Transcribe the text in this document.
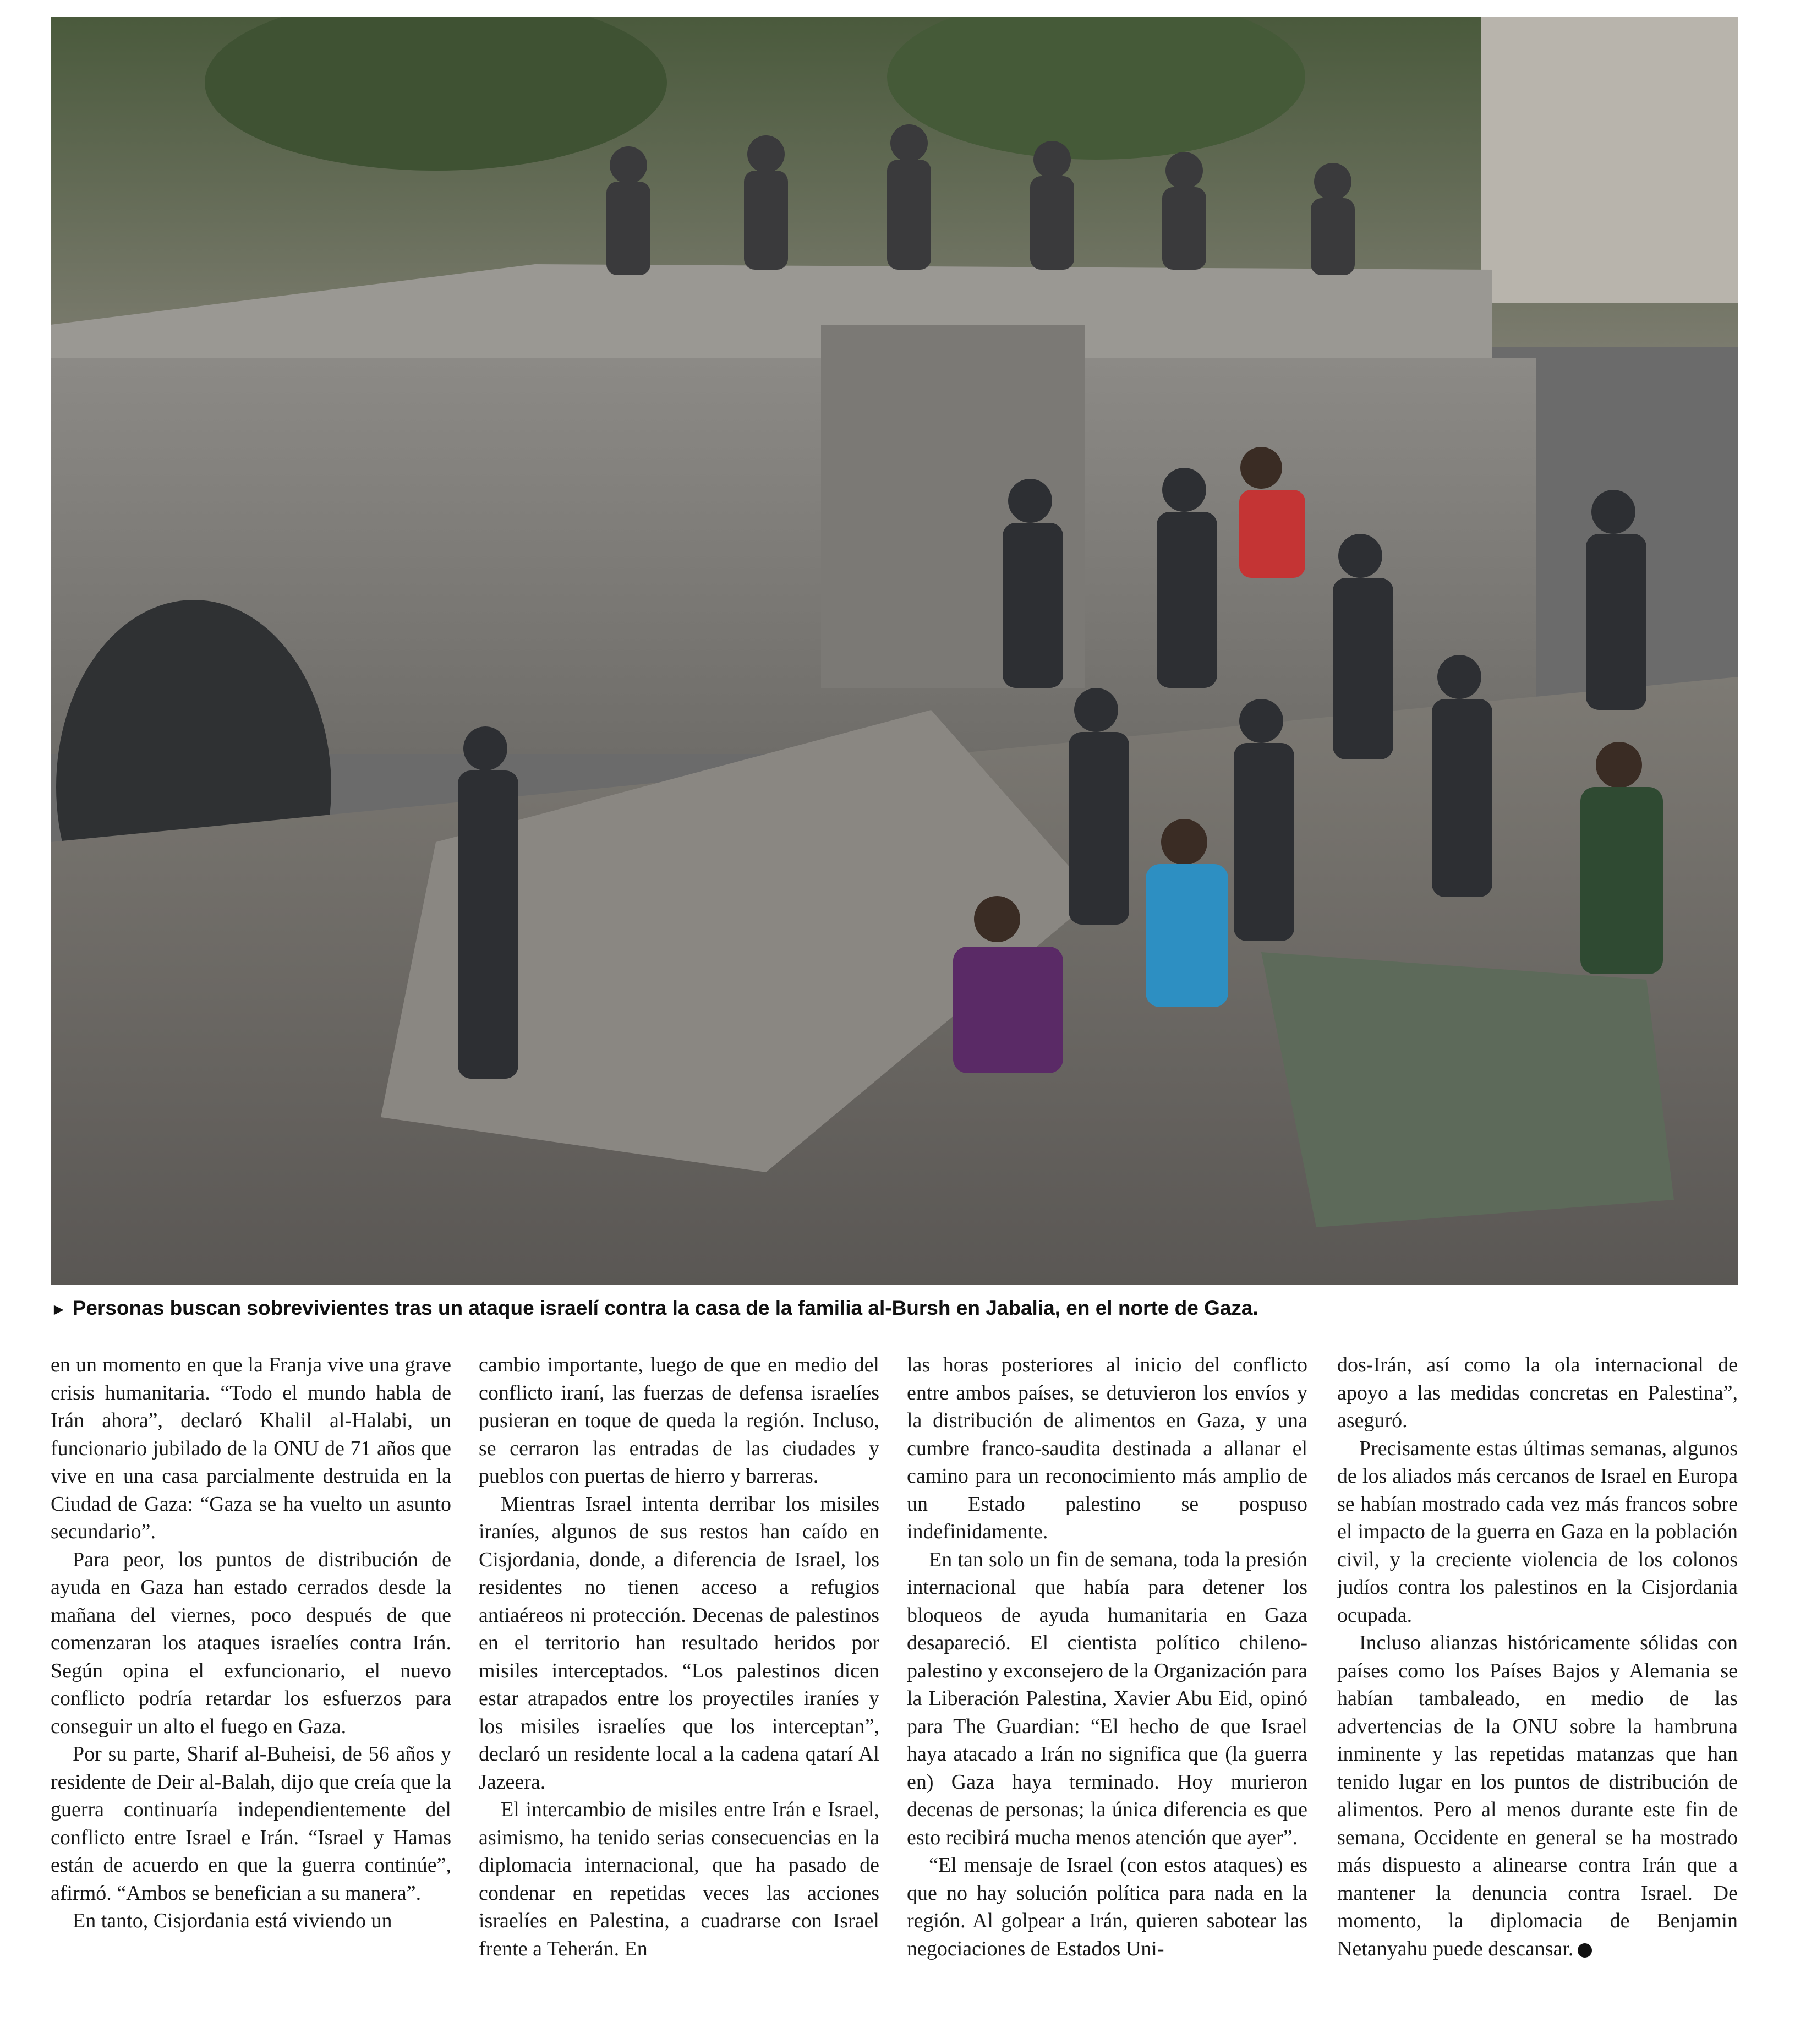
► Personas buscan sobrevivientes tras un ataque israelí contra la casa de la familia al-Bursh en Jabalia, en el norte de Gaza.

en un momento en que la Franja vive una grave crisis humanitaria. “Todo el mundo habla de Irán ahora”, declaró Khalil al-Halabi, un funcionario jubilado de la ONU de 71 años que vive en una casa parcialmente destruida en la Ciudad de Gaza: “Gaza se ha vuelto un asunto secundario”.

Para peor, los puntos de distribución de ayuda en Gaza han estado cerrados desde la mañana del viernes, poco después de que comenzaran los ataques israelíes contra Irán. Según opina el exfuncionario, el nuevo conflicto podría retardar los esfuerzos para conseguir un alto el fuego en Gaza.

Por su parte, Sharif al-Buheisi, de 56 años y residente de Deir al-Balah, dijo que creía que la guerra continuaría independientemente del conflicto entre Israel e Irán. “Israel y Hamas están de acuerdo en que la guerra continúe”, afirmó. “Ambos se benefician a su manera”.

En tanto, Cisjordania está viviendo un

cambio importante, luego de que en medio del conflicto iraní, las fuerzas de defensa israelíes pusieran en toque de queda la región. Incluso, se cerraron las entradas de las ciudades y pueblos con puertas de hierro y barreras.

Mientras Israel intenta derribar los misiles iraníes, algunos de sus restos han caído en Cisjordania, donde, a diferencia de Israel, los residentes no tienen acceso a refugios antiaéreos ni protección. Decenas de palestinos en el territorio han resultado heridos por misiles interceptados. “Los palestinos dicen estar atrapados entre los proyectiles iraníes y los misiles israelíes que los interceptan”, declaró un residente local a la cadena qatarí Al Jazeera.

El intercambio de misiles entre Irán e Israel, asimismo, ha tenido serias consecuencias en la diplomacia internacional, que ha pasado de condenar en repetidas veces las acciones israelíes en Palestina, a cuadrarse con Israel frente a Teherán. En

las horas posteriores al inicio del conflicto entre ambos países, se detuvieron los envíos y la distribución de alimentos en Gaza, y una cumbre franco-saudita destinada a allanar el camino para un reconocimiento más amplio de un Estado palestino se pospuso indefinidamente.

En tan solo un fin de semana, toda la presión internacional que había para detener los bloqueos de ayuda humanitaria en Gaza desapareció. El cientista político chileno-palestino y exconsejero de la Organización para la Liberación Palestina, Xavier Abu Eid, opinó para The Guardian: “El hecho de que Israel haya atacado a Irán no significa que (la guerra en) Gaza haya terminado. Hoy murieron decenas de personas; la única diferencia es que esto recibirá mucha menos atención que ayer”.

“El mensaje de Israel (con estos ataques) es que no hay solución política para nada en la región. Al golpear a Irán, quieren sabotear las negociaciones de Estados Uni-

dos-Irán, así como la ola internacional de apoyo a las medidas concretas en Palestina”, aseguró.

Precisamente estas últimas semanas, algunos de los aliados más cercanos de Israel en Europa se habían mostrado cada vez más francos sobre el impacto de la guerra en Gaza en la población civil, y la creciente violencia de los colonos judíos contra los palestinos en la Cisjordania ocupada.

Incluso alianzas históricamente sólidas con países como los Países Bajos y Alemania se habían tambaleado, en medio de las advertencias de la ONU sobre la hambruna inminente y las repetidas matanzas que han tenido lugar en los puntos de distribución de alimentos. Pero al menos durante este fin de semana, Occidente en general se ha mostrado más dispuesto a alinearse contra Irán que a mantener la denuncia contra Israel. De momento, la diplomacia de Benjamin Netanyahu puede descansar.
